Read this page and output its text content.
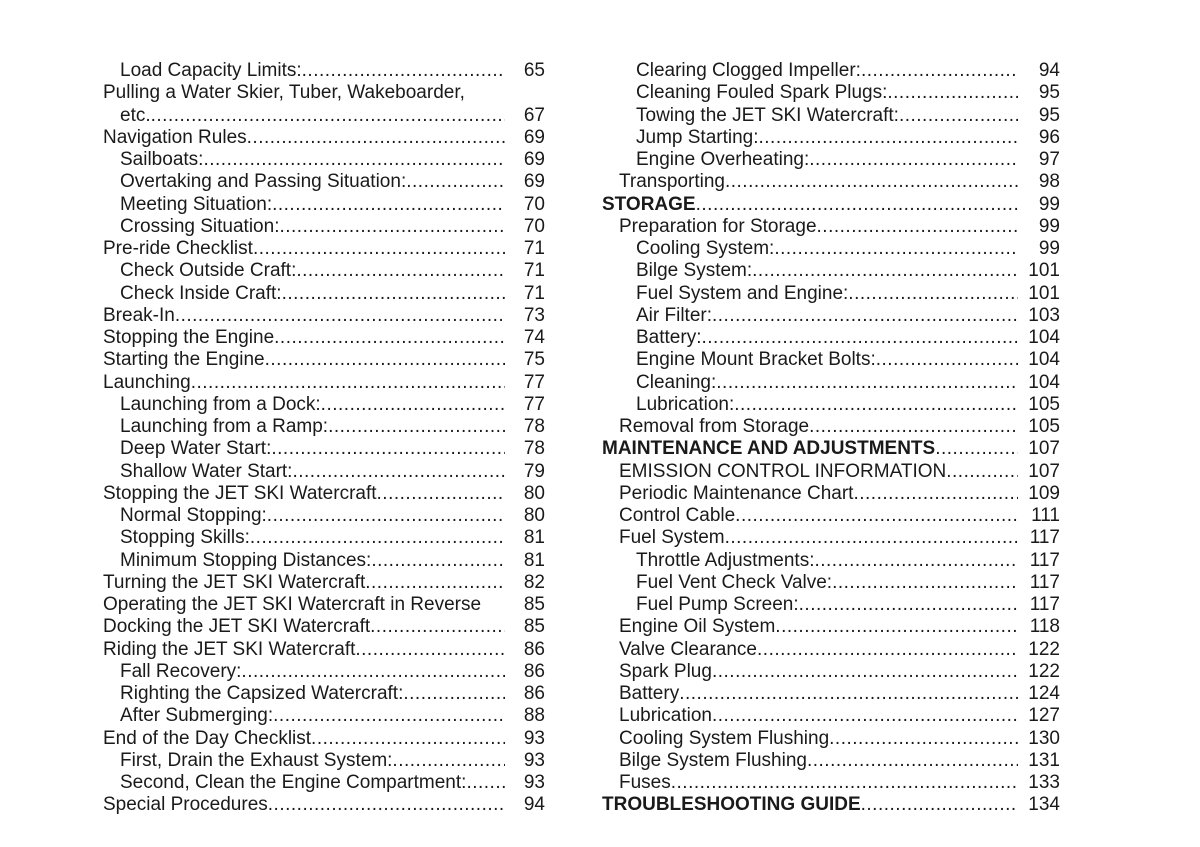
Load Capacity Limits: .....	65
Pulling a Water Skier, Tuber, Wakeboarder,
etc. .....	67
Navigation Rules .....	69
Sailboats: .....	69
Overtaking and Passing Situation: .....	69
Meeting Situation: .....	70
Crossing Situation: .....	70
Pre-ride Checklist .....	71
Check Outside Craft: .....	71
Check Inside Craft: .....	71
Break-In .....	73
Stopping the Engine .....	74
Starting the Engine .....	75
Launching .....	77
Launching from a Dock: .....	77
Launching from a Ramp: .....	78
Deep Water Start: .....	78
Shallow Water Start: .....	79
Stopping the JET SKI Watercraft .....	80
Normal Stopping: .....	80
Stopping Skills: .....	81
Minimum Stopping Distances: .....	81
Turning the JET SKI Watercraft .....	82
Operating the JET SKI Watercraft in Reverse	85
Docking the JET SKI Watercraft .....	85
Riding the JET SKI Watercraft .....	86
Fall Recovery: .....	86
Righting the Capsized Watercraft: .....	86
After Submerging: .....	88
End of the Day Checklist .....	93
First, Drain the Exhaust System: .....	93
Second, Clean the Engine Compartment: .....	93
Special Procedures .....	94
Clearing Clogged Impeller: .....	94
Cleaning Fouled Spark Plugs: .....	95
Towing the JET SKI Watercraft: .....	95
Jump Starting: .....	96
Engine Overheating: .....	97
Transporting .....	98
STORAGE .....	99
Preparation for Storage .....	99
Cooling System: .....	99
Bilge System: .....	101
Fuel System and Engine: .....	101
Air Filter: .....	103
Battery: .....	104
Engine Mount Bracket Bolts: .....	104
Cleaning: .....	104
Lubrication: .....	105
Removal from Storage .....	105
MAINTENANCE AND ADJUSTMENTS .....	107
EMISSION CONTROL INFORMATION .....	107
Periodic Maintenance Chart .....	109
Control Cable .....	111
Fuel System .....	117
Throttle Adjustments: .....	117
Fuel Vent Check Valve: .....	117
Fuel Pump Screen: .....	117
Engine Oil System .....	118
Valve Clearance .....	122
Spark Plug .....	122
Battery .....	124
Lubrication .....	127
Cooling System Flushing .....	130
Bilge System Flushing .....	131
Fuses .....	133
TROUBLESHOOTING GUIDE .....	134
